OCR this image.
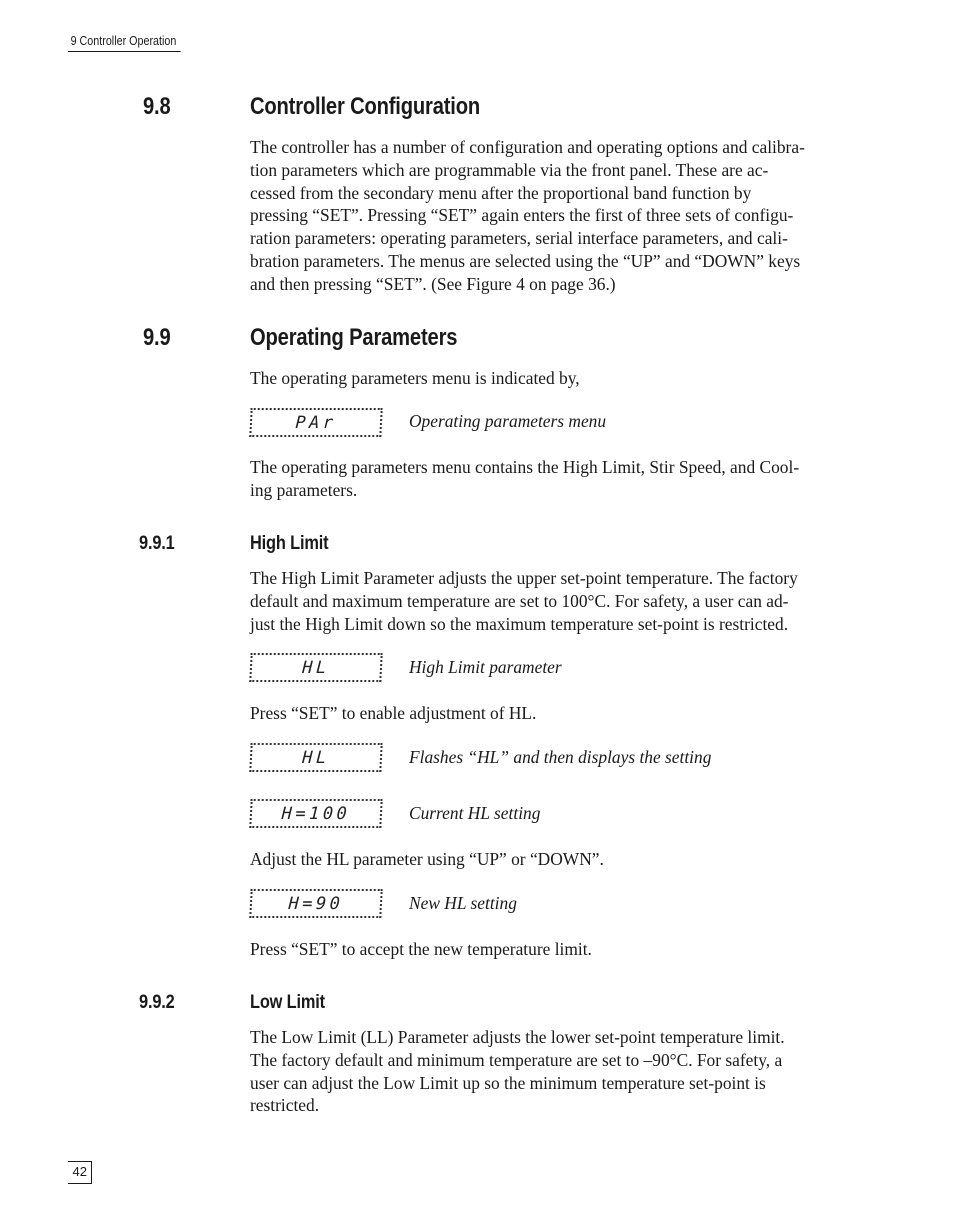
9 Controller Operation
9.8	Controller Configuration
The controller has a number of configuration and operating options and calibra-
tion parameters which are programmable via the front panel. These are ac-
cessed from the secondary menu after the proportional band function by
pressing “SET”. Pressing “SET” again enters the first of three sets of configu-
ration parameters: operating parameters, serial interface parameters, and cali-
bration parameters. The menus are selected using the “UP” and “DOWN” keys
and then pressing “SET”. (See Figure 4 on page 36.)
9.9	Operating Parameters
The operating parameters menu is indicated by,
PAr	Operating parameters menu
The operating parameters menu contains the High Limit, Stir Speed, and Cool-
ing parameters.
9.9.1	High Limit
The High Limit Parameter adjusts the upper set-point temperature. The factory
default and maximum temperature are set to 100°C. For safety, a user can ad-
just the High Limit down so the maximum temperature set-point is restricted.
HL	High Limit parameter
Press “SET” to enable adjustment of HL.
HL	Flashes “HL” and then displays the setting
H=100	Current HL setting
Adjust the HL parameter using “UP” or “DOWN”.
H=90	New HL setting
Press “SET” to accept the new temperature limit.
9.9.2	Low Limit
The Low Limit (LL) Parameter adjusts the lower set-point temperature limit.
The factory default and minimum temperature are set to –90°C. For safety, a
user can adjust the Low Limit up so the minimum temperature set-point is
restricted.
42
